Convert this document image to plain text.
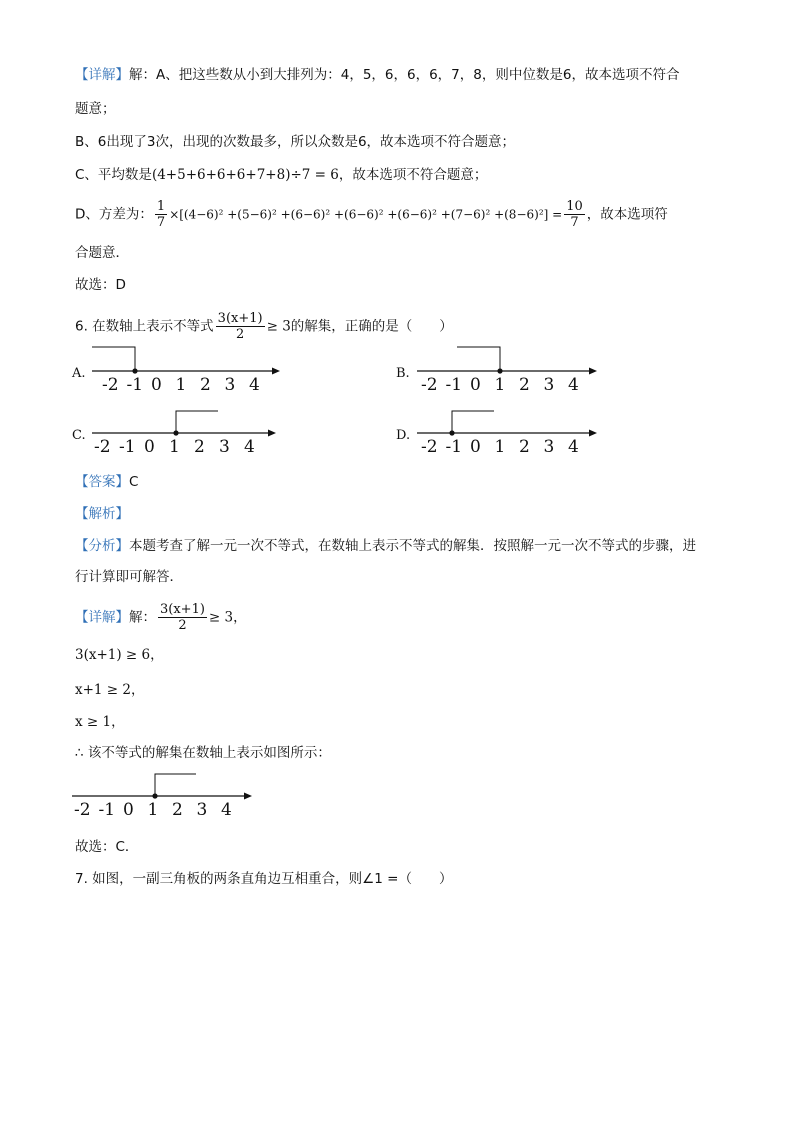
【详解】解：A、把这些数从小到大排列为：4，5，6，6，6，7，8，则中位数是6，故本选项不符合
题意；
B、6出现了3次，出现的次数最多，所以众数是6，故本选项不符合题意；
C、平均数是(4+5+6+6+6+7+8)÷7 = 6，故本选项不符合题意；
D、方差为： $\frac{1}{7} \times[(4-6)^2 +(5-6)^2 +(6-6)^2 +(6-6)^2 +(6-6)^2 +(7-6)^2 +(8-6)^2] = \frac{10}{7}$ ，故本选项符
合题意．
故选：D
6. 在数轴上表示不等式 $\frac{3(x+1)}{2} \ge 3$的解集，正确的是（　　）
A.
-2 -1 0 1 2 3 4
B.
-2 -1 0 1 2 3 4
C.
-2 -1 0 1 2 3 4
D.
-2 -1 0 1 2 3 4
【答案】C
【解析】
【分析】本题考查了解一元一次不等式，在数轴上表示不等式的解集．按照解一元一次不等式的步骤，进
行计算即可解答．
【详解】解： $\frac{3(x+1)}{2} \ge 3$，
3(x+1) ≥ 6，
x+1 ≥ 2，
x ≥ 1，
∴ 该不等式的解集在数轴上表示如图所示：
-2 -1 0 1 2 3 4
故选：C．
7. 如图，一副三角板的两条直角边互相重合，则∠1 =（　　）
